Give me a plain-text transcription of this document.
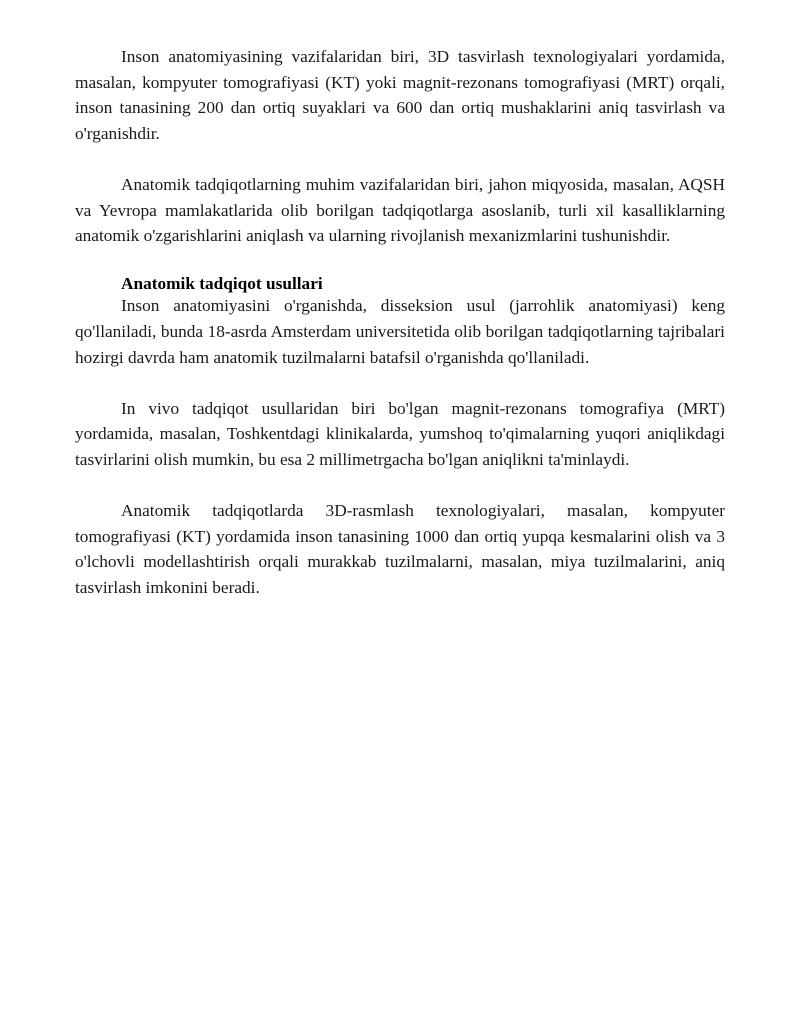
Inson anatomiyasining vazifalaridan biri, 3D tasvirlash texnologiyalari yordamida, masalan, kompyuter tomografiyasi (KT) yoki magnit-rezonans tomografiyasi (MRT) orqali, inson tanasining 200 dan ortiq suyaklari va 600 dan ortiq mushaklarini aniq tasvirlash va o'rganishdir.

Anatomik tadqiqotlarning muhim vazifalaridan biri, jahon miqyosida, masalan, AQSH va Yevropa mamlakatlarida olib borilgan tadqiqotlarga asoslanib, turli xil kasalliklarning anatomik o'zgarishlarini aniqlash va ularning rivojlanish mexanizmlarini tushunishdir.

Anatomik tadqiqot usullari

Inson anatomiyasini o'rganishda, disseksion usul (jarrohlik anatomiyasi) keng qo'llaniladi, bunda 18-asrda Amsterdam universitetida olib borilgan tadqiqotlarning tajribalari hozirgi davrda ham anatomik tuzilmalarni batafsil o'rganishda qo'llaniladi.

In vivo tadqiqot usullaridan biri bo'lgan magnit-rezonans tomografiya (MRT) yordamida, masalan, Toshkentdagi klinikalarda, yumshoq to'qimalarning yuqori aniqlikdagi tasvirlarini olish mumkin, bu esa 2 millimetrgacha bo'lgan aniqlikni ta'minlaydi.

Anatomik tadqiqotlarda 3D-rasmlash texnologiyalari, masalan, kompyuter tomografiyasi (KT) yordamida inson tanasining 1000 dan ortiq yupqa kesmalarini olish va 3 o'lchovli modellashtirish orqali murakkab tuzilmalarni, masalan, miya tuzilmalarini, aniq tasvirlash imkonini beradi.
